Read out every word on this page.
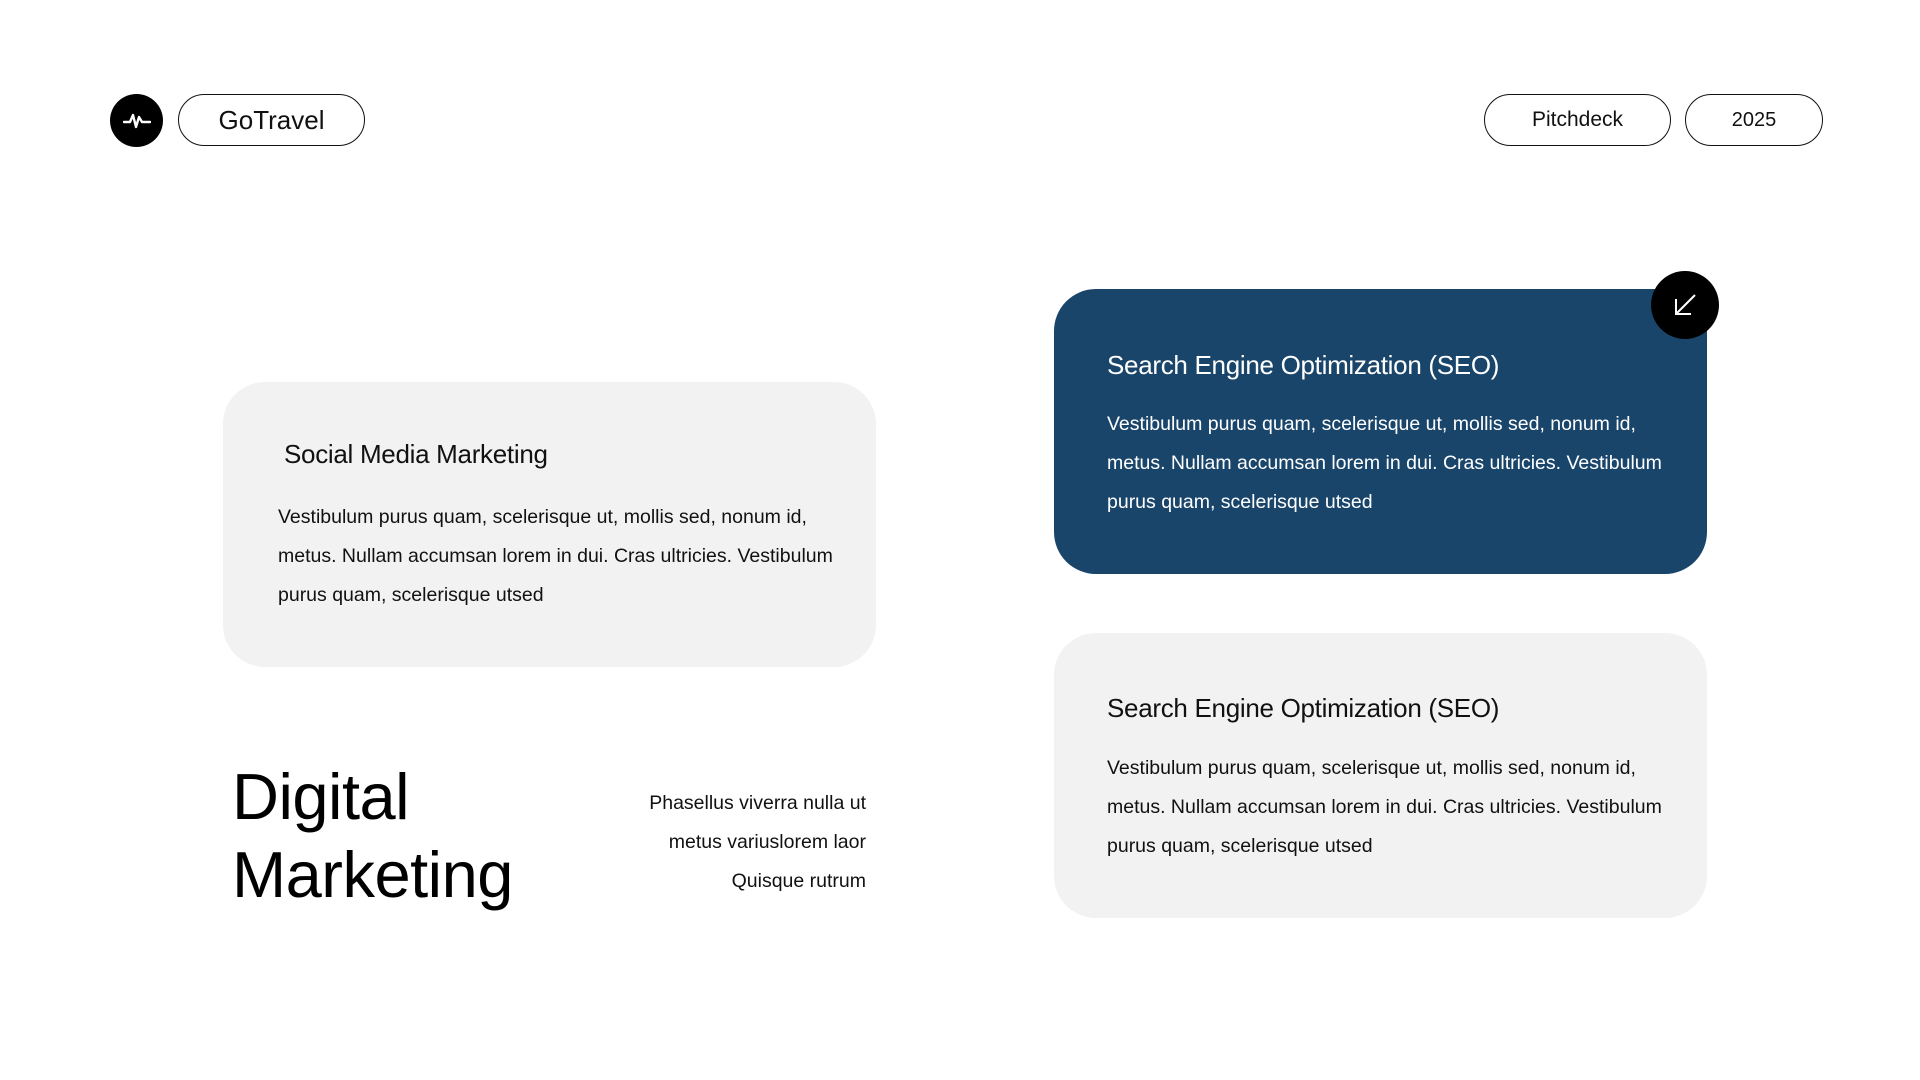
GoTravel	Pitchdeck	2025
Social Media Marketing

Vestibulum purus quam, scelerisque ut, mollis sed, nonum id, metus. Nullam accumsan lorem in dui. Cras ultricies. Vestibulum purus quam, scelerisque utsed

Search Engine Optimization (SEO)

Vestibulum purus quam, scelerisque ut, mollis sed, nonum id, metus. Nullam accumsan lorem in dui. Cras ultricies. Vestibulum purus quam, scelerisque utsed

Search Engine Optimization (SEO)

Vestibulum purus quam, scelerisque ut, mollis sed, nonum id, metus. Nullam accumsan lorem in dui. Cras ultricies. Vestibulum purus quam, scelerisque utsed

Digital
Marketing
Phasellus viverra nulla ut
metus variuslorem laor
Quisque rutrum
